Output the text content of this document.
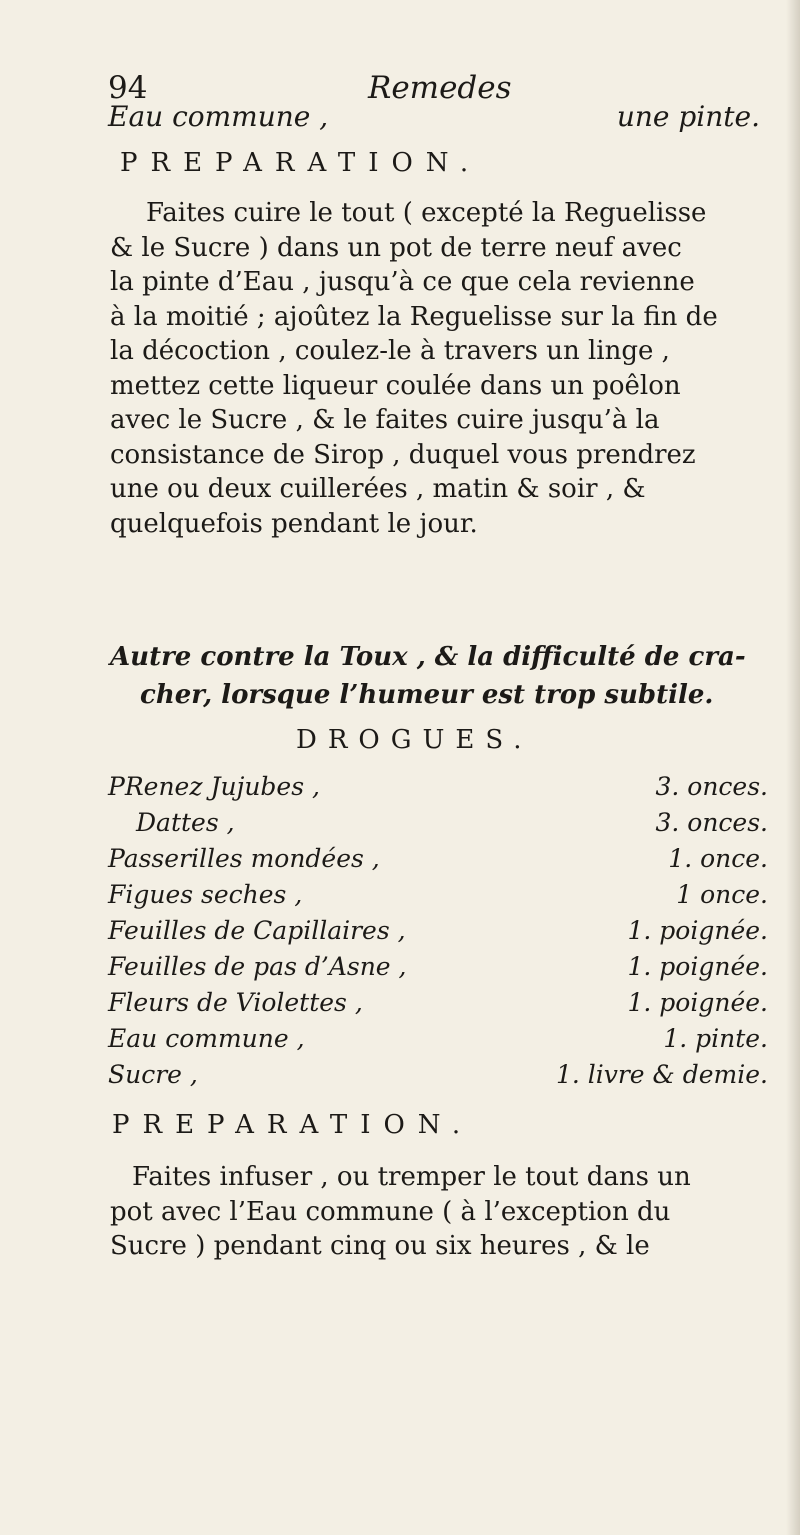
94	Remedes
Eau commune ,	une pinte.
PREPARATION.
Faites cuire le tout ( excepté la Reguelisse
& le Sucre ) dans un pot de terre neuf avec
la pinte d’Eau , jusqu’à ce que cela revienne
à la moitié ; ajoûtez la Reguelisse sur la fin de
la décoction , coulez-le à travers un linge ,
mettez cette liqueur coulée dans un poêlon
avec le Sucre , & le faites cuire jusqu’à la
consistance de Sirop , duquel vous prendrez
une ou deux cuillerées , matin & soir , &
quelquefois pendant le jour.
Autre contre la Toux , & la difficulté de cra-
cher, lorsque l’humeur est trop subtile.
DROGUES.
PRenez Jujubes ,	3. onces.
Dattes ,	3. onces.
Passerilles mondées ,	1. once.
Figues seches ,	1 once.
Feuilles de Capillaires ,	1. poignée.
Feuilles de pas d’Asne ,	1. poignée.
Fleurs de Violettes ,	1. poignée.
Eau commune ,	1. pinte.
Sucre ,	1. livre & demie.
PREPARATION.
Faites infuser , ou tremper le tout dans un
pot avec l’Eau commune ( à l’exception du
Sucre ) pendant cinq ou six heures , & le
